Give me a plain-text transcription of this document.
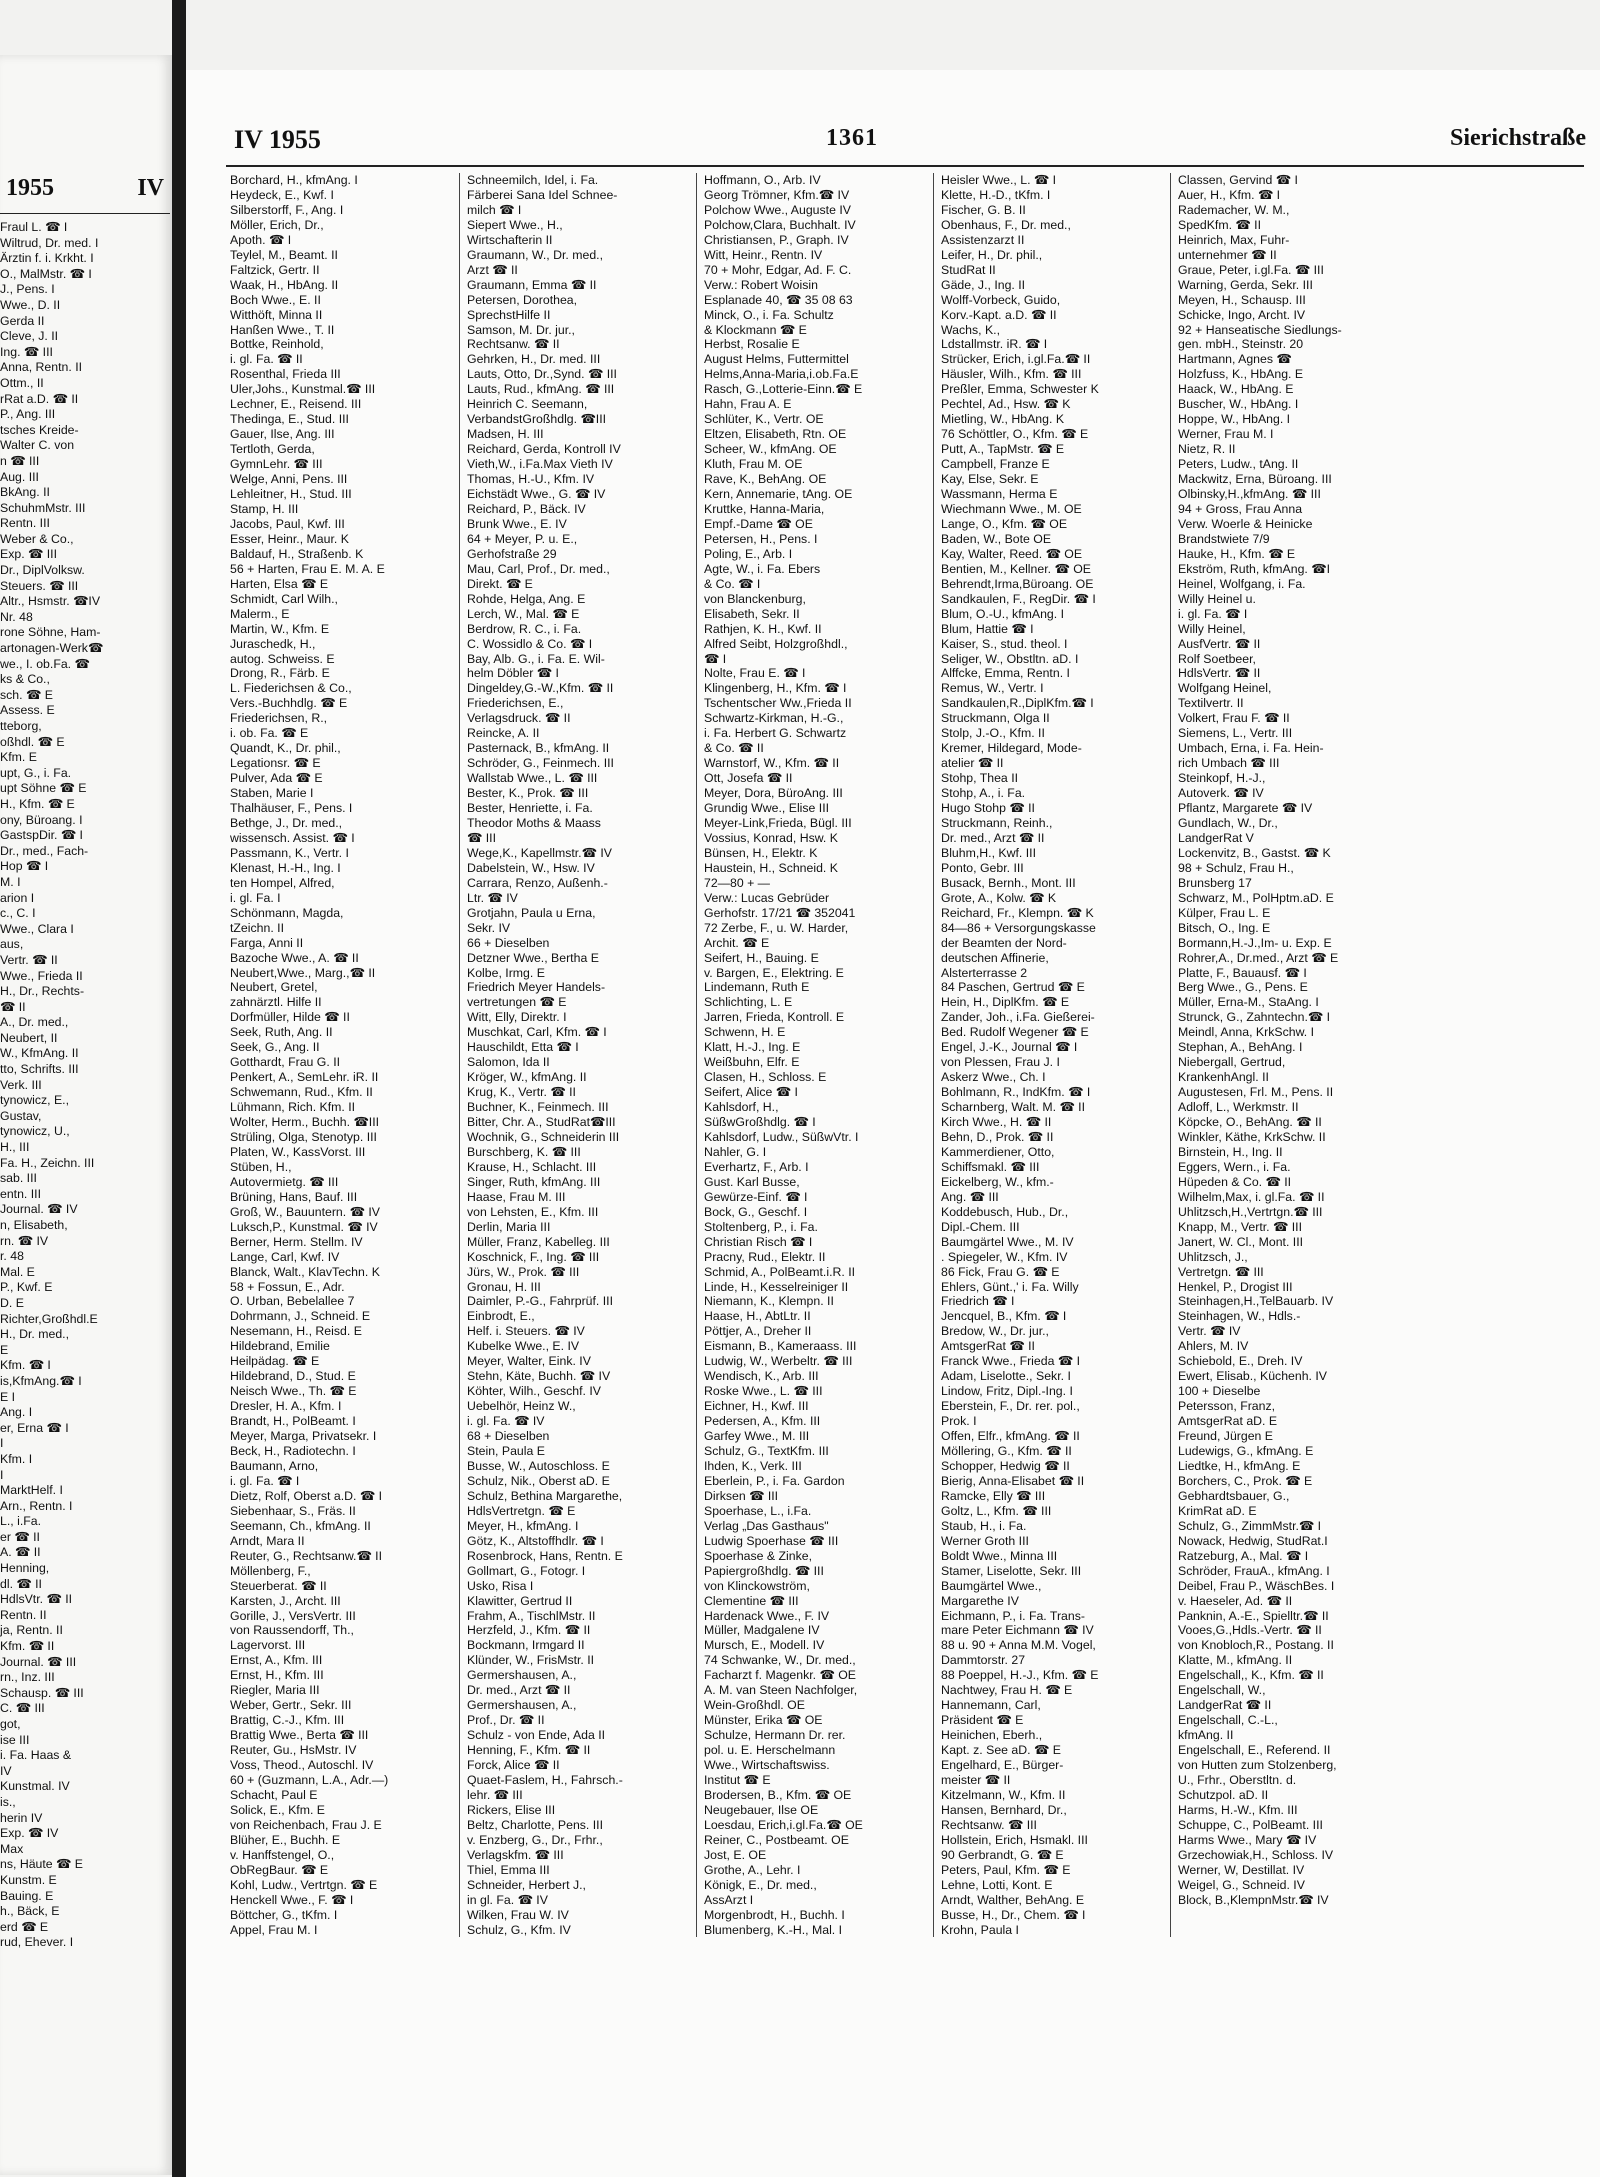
1955	IV
Fraul L. ☎ I
Wiltrud, Dr. med. I
Ärztin f. i. Krkht. I
O., MalMstr. ☎ I
J., Pens. I
Wwe., D. II
Gerda II
Cleve, J. II
Ing. ☎ III
Anna, Rentn. II
Ottm., II
rRat a.D. ☎ II
P., Ang. III
tsches Kreide-
Walter C. von
n ☎ III
Aug. III
BkAng. II
SchuhmMstr. III
Rentn. III
Weber & Co.,
Exp. ☎ III
Dr., DiplVolksw.
Steuers. ☎ III
Altr., Hsmstr. ☎IV
Nr. 48
rone Söhne, Ham-
artonagen-Werk☎
we., I. ob.Fa. ☎
ks & Co.,
sch. ☎ E
Assess. E
tteborg,
oßhdl. ☎ E
Kfm. E
upt, G., i. Fa.
upt Söhne ☎ E
H., Kfm. ☎ E
ony, Büroang. I
GastspDir. ☎ I
Dr., med., Fach-
Hop ☎ I
M. I
arion I
c., C. I
Wwe., Clara I
aus,
Vertr. ☎ II
Wwe., Frieda II
H., Dr., Rechts-
☎ II
A., Dr. med.,
Neubert, II
W., KfmAng. II
tto, Schrifts. III
Verk. III
tynowicz, E.,
Gustav,
tynowicz, U.,
H., III
Fa. H., Zeichn. III
sab. III
entn. III
Journal. ☎ IV
n, Elisabeth,
rn. ☎ IV
r. 48
Mal. E
P., Kwf. E
D. E
Richter,Großhdl.E
H., Dr. med.,
E
Kfm. ☎ I
is,KfmAng.☎ I
E I
Ang. I
er, Erna ☎ I
I
Kfm. I
I
MarktHelf. I
Arn., Rentn. I
L., i.Fa.
er ☎ II
A. ☎ II
Henning,
dl. ☎ II
HdlsVtr. ☎ II
Rentn. II
ja, Rentn. II
Kfm. ☎ II
Journal. ☎ III
rn., Inz. III
Schausp. ☎ III
C. ☎ III
got,
ise III
i. Fa. Haas &
IV
Kunstmal. IV
is.,
herin IV
Exp. ☎ IV
Max
ns, Häute ☎ E
Kunstm. E
Bauing. E
h., Bäck, E
erd ☎ E
rud, Ehever. I
IV 1955	1361	Sierichstraße
Borchard, H., kfmAng. I
Heydeck, E., Kwf. I
Silberstorff, F., Ang. I
Möller, Erich, Dr.,
Apoth. ☎ I
Teylel, M., Beamt. II
Faltzick, Gertr. II
Waak, H., HbAng. II
Boch Wwe., E. II
Witthöft, Minna II
Hanßen Wwe., T. II
Bottke, Reinhold,
i. gl. Fa. ☎ II
Rosenthal, Frieda III
Uler,Johs., Kunstmal.☎ III
Lechner, E., Reisend. III
Thedinga, E., Stud. III
Gauer, Ilse, Ang. III
Tertloth, Gerda,
GymnLehr. ☎ III
Welge, Anni, Pens. III
Lehleitner, H., Stud. III
Stamp, H. III
Jacobs, Paul, Kwf. III
Esser, Heinr., Maur. K
Baldauf, H., Straßenb. K
56 + Harten, Frau E. M. A. E
Harten, Elsa ☎ E
Schmidt, Carl Wilh.,
Malerm., E
Martin, W., Kfm. E
Juraschedk, H.,
autog. Schweiss. E
Drong, R., Färb. E
L. Fiederichsen & Co.,
Vers.-Buchhdlg. ☎ E
Friederichsen, R.,
i. ob. Fa. ☎ E
Quandt, K., Dr. phil.,
Legationsr. ☎ E
Pulver, Ada ☎ E
Staben, Marie I
Thalhäuser, F., Pens. I
Bethge, J., Dr. med.,
wissensch. Assist. ☎ I
Passmann, K., Vertr. I
Klenast, H.-H., Ing. I
ten Hompel, Alfred,
i. gl. Fa. I
Schönmann, Magda,
tZeichn. II
Farga, Anni II
Bazoche Wwe., A. ☎ II
Neubert,Wwe., Marg.,☎ II
Neubert, Gretel,
zahnärztl. Hilfe II
Dorfmüller, Hilde ☎ II
Seek, Ruth, Ang. II
Seek, G., Ang. II
Gotthardt, Frau G. II
Penkert, A., SemLehr. iR. II
Schwemann, Rud., Kfm. II
Lühmann, Rich. Kfm. II
Wolter, Herm., Buchh. ☎III
Strüling, Olga, Stenotyp. III
Platen, W., KassVorst. III
Stüben, H.,
Autovermietg. ☎ III
Brüning, Hans, Bauf. III
Groß, W., Bauuntern. ☎ IV
Luksch,P., Kunstmal. ☎ IV
Berner, Herm. Stellm. IV
Lange, Carl, Kwf. IV
Blanck, Walt., KlavTechn. K
58 + Fossun, E., Adr.
O. Urban, Bebelallee 7
Dohrmann, J., Schneid. E
Nesemann, H., Reisd. E
Hildebrand, Emilie
Heilpädag. ☎ E
Hildebrand, D., Stud. E
Neisch Wwe., Th. ☎ E
Dresler, H. A., Kfm. I
Brandt, H., PolBeamt. I
Meyer, Marga, Privatsekr. I
Beck, H., Radiotechn. I
Baumann, Arno,
i. gl. Fa. ☎ I
Dietz, Rolf, Oberst a.D. ☎ I
Siebenhaar, S., Fräs. II
Seemann, Ch., kfmAng. II
Arndt, Mara II
Reuter, G., Rechtsanw.☎ II
Möllenberg, F.,
Steuerberat. ☎ II
Karsten, J., Archt. III
Gorille, J., VersVertr. III
von Raussendorff, Th.,
Lagervorst. III
Ernst, A., Kfm. III
Ernst, H., Kfm. III
Riegler, Maria III
Weber, Gertr., Sekr. III
Brattig, C.-J., Kfm. III
Brattig Wwe., Berta ☎ III
Reuter, Gu., HsMstr. IV
Voss, Theod., Autoschl. IV
60 + (Guzmann, L.A., Adr.—)
Schacht, Paul E
Solick, E., Kfm. E
von Reichenbach, Frau J. E
Blüher, E., Buchh. E
v. Hanffstengel, O.,
ObRegBaur. ☎ E
Kohl, Ludw., Vertrtgn. ☎ E
Henckell Wwe., F. ☎ I
Böttcher, G., tKfm. I
Appel, Frau M. I
Schneemilch, Idel, i. Fa.
Färberei Sana Idel Schnee-
milch ☎ I
Siepert Wwe., H.,
Wirtschafterin II
Graumann, W., Dr. med.,
Arzt ☎ II
Graumann, Emma ☎ II
Petersen, Dorothea,
SprechstHilfe II
Samson, M. Dr. jur.,
Rechtsanw. ☎ II
Gehrken, H., Dr. med. III
Lauts, Otto, Dr.,Synd. ☎ III
Lauts, Rud., kfmAng. ☎ III
Heinrich C. Seemann,
VerbandstGroßhdlg. ☎III
Madsen, H. III
Reichard, Gerda, Kontroll IV
Vieth,W., i.Fa.Max Vieth IV
Thomas, H.-U., Kfm. IV
Eichstädt Wwe., G. ☎ IV
Reichard, P., Bäck. IV
Brunk Wwe., E. IV
64 + Meyer, P. u. E.,
Gerhofstraße 29
Mau, Carl, Prof., Dr. med.,
Direkt. ☎ E
Rohde, Helga, Ang. E
Lerch, W., Mal. ☎ E
Berdrow, R. C., i. Fa.
C. Wossidlo & Co. ☎ I
Bay, Alb. G., i. Fa. E. Wil-
helm Döbler ☎ I
Dingeldey,G.-W.,Kfm. ☎ II
Friederichsen, E.,
Verlagsdruck. ☎ II
Reincke, A. II
Pasternack, B., kfmAng. II
Schröder, G., Feinmech. III
Wallstab Wwe., L. ☎ III
Bester, K., Prok. ☎ III
Bester, Henriette, i. Fa.
Theodor Moths & Maass
☎ III
Wege,K., Kapellmstr.☎ IV
Dabelstein, W., Hsw. IV
Carrara, Renzo, Außenh.-
Ltr. ☎ IV
Grotjahn, Paula u Erna,
Sekr. IV
66 + Dieselben
Detzner Wwe., Bertha E
Kolbe, Irmg. E
Friedrich Meyer Handels-
vertretungen ☎ E
Witt, Elly, Direktr. I
Muschkat, Carl, Kfm. ☎ I
Hauschildt, Etta ☎ I
Salomon, Ida II
Kröger, W., kfmAng. II
Krug, K., Vertr. ☎ II
Buchner, K., Feinmech. III
Bitter, Chr. A., StudRat☎III
Wochnik, G., Schneiderin III
Burschberg, K. ☎ III
Krause, H., Schlacht. III
Singer, Ruth, kfmAng. III
Haase, Frau M. III
von Lehsten, E., Kfm. III
Derlin, Maria III
Müller, Franz, Kabelleg. III
Koschnick, F., Ing. ☎ III
Jürs, W., Prok. ☎ III
Gronau, H. III
Daimler, P.-G., Fahrprüf. III
Einbrodt, E.,
Helf. i. Steuers. ☎ IV
Kubelke Wwe., E. IV
Meyer, Walter, Eink. IV
Stehn, Käte, Buchh. ☎ IV
Köhter, Wilh., Geschf. IV
Uebelhör, Heinz W.,
i. gl. Fa. ☎ IV
68 + Dieselben
Stein, Paula E
Busse, W., Autoschloss. E
Schulz, Nik., Oberst aD. E
Schulz, Bethina Margarethe,
HdlsVertretgn. ☎ E
Meyer, H., kfmAng. I
Götz, K., Altstoffhdlr. ☎ I
Rosenbrock, Hans, Rentn. E
Gollmart, G., Fotogr. I
Usko, Risa I
Klawitter, Gertrud II
Frahm, A., TischlMstr. II
Herzfeld, J., Kfm. ☎ II
Bockmann, Irmgard II
Klünder, W., FrisMstr. II
Germershausen, A.,
Dr. med., Arzt ☎ II
Germershausen, A.,
Prof., Dr. ☎ II
Schulz - von Ende, Ada II
Henning, F., Kfm. ☎ II
Forck, Alice ☎ II
Quaet-Faslem, H., Fahrsch.-
lehr. ☎ III
Rickers, Elise III
Beltz, Charlotte, Pens. III
v. Enzberg, G., Dr., Frhr.,
Verlagskfm. ☎ III
Thiel, Emma III
Schneider, Herbert J.,
in gl. Fa. ☎ IV
Wilken, Frau W. IV
Schulz, G., Kfm. IV
Hoffmann, O., Arb. IV
Georg Trömner, Kfm.☎ IV
Polchow Wwe., Auguste IV
Polchow,Clara, Buchhalt. IV
Christiansen, P., Graph. IV
Witt, Heinr., Rentn. IV
70 + Mohr, Edgar, Ad. F. C.
Verw.: Robert Woisin
Esplanade 40, ☎ 35 08 63
Minck, O., i. Fa. Schultz
& Klockmann ☎ E
Herbst, Rosalie E
August Helms, Futtermittel
Helms,Anna-Maria,i.ob.Fa.E
Rasch, G.,Lotterie-Einn.☎ E
Hahn, Frau A. E
Schlüter, K., Vertr. OE
Eltzen, Elisabeth, Rtn. OE
Scheer, W., kfmAng. OE
Kluth, Frau M. OE
Rave, K., BehAng. OE
Kern, Annemarie, tAng. OE
Kruttke, Hanna-Maria,
Empf.-Dame ☎ OE
Petersen, H., Pens. I
Poling, E., Arb. I
Agte, W., i. Fa. Ebers
& Co. ☎ I
von Blanckenburg,
Elisabeth, Sekr. II
Rathjen, K. H., Kwf. II
Alfred Seibt, Holzgroßhdl.,
☎ I
Nolte, Frau E. ☎ I
Klingenberg, H., Kfm. ☎ I
Tschentscher Ww.,Frieda II
Schwartz-Kirkman, H.-G.,
i. Fa. Herbert G. Schwartz
& Co. ☎ II
Warnstorf, W., Kfm. ☎ II
Ott, Josefa ☎ II
Meyer, Dora, BüroAng. III
Grundig Wwe., Elise III
Meyer-Link,Frieda, Bügl. III
Vossius, Konrad, Hsw. K
Bünsen, H., Elektr. K
Haustein, H., Schneid. K
72—80 + —
Verw.: Lucas Gebrüder
Gerhofstr. 17/21 ☎ 352041
72 Zerbe, F., u. W. Harder,
Archit. ☎ E
Seifert, H., Bauing. E
v. Bargen, E., Elektring. E
Lindemann, Ruth E
Schlichting, L. E
Jarren, Frieda, Kontroll. E
Schwenn, H. E
Klatt, H.-J., Ing. E
Weißbuhn, Elfr. E
Clasen, H., Schloss. E
Seifert, Alice ☎ I
Kahlsdorf, H.,
SüßwGroßhdlg. ☎ I
Kahlsdorf, Ludw., SüßwVtr. I
Nahler, G. I
Everhartz, F., Arb. I
Gust. Karl Busse,
Gewürze-Einf. ☎ I
Bock, G., Geschf. I
Stoltenberg, P., i. Fa.
Christian Risch ☎ I
Pracny, Rud., Elektr. II
Schmid, A., PolBeamt.i.R. II
Linde, H., Kesselreiniger II
Niemann, K., Klempn. II
Haase, H., AbtLtr. II
Pöttjer, A., Dreher II
Eismann, B., Kameraass. III
Ludwig, W., Werbeltr. ☎ III
Wendisch, K., Arb. III
Roske Wwe., L. ☎ III
Eichner, H., Kwf. III
Pedersen, A., Kfm. III
Garfey Wwe., M. III
Schulz, G., TextKfm. III
Ihden, K., Verk. III
Eberlein, P., i. Fa. Gardon
Dirksen ☎ III
Spoerhase, L., i.Fa.
Verlag „Das Gasthaus"
Ludwig Spoerhase ☎ III
Spoerhase & Zinke,
Papiergroßhdlg. ☎ III
von Klinckowström,
Clementine ☎ III
Hardenack Wwe., F. IV
Müller, Madgalene IV
Mursch, E., Modell. IV
74 Schwanke, W., Dr. med.,
Facharzt f. Magenkr. ☎ OE
A. M. van Steen Nachfolger,
Wein-Großhdl. OE
Münster, Erika ☎ OE
Schulze, Hermann Dr. rer.
pol. u. E. Herschelmann
Wwe., Wirtschaftswiss.
Institut ☎ E
Brodersen, B., Kfm. ☎ OE
Neugebauer, Ilse OE
Loesdau, Erich,i.gl.Fa.☎ OE
Reiner, C., Postbeamt. OE
Jost, E. OE
Grothe, A., Lehr. I
Königk, E., Dr. med.,
AssArzt I
Morgenbrodt, H., Buchh. I
Blumenberg, K.-H., Mal. I
Heisler Wwe., L. ☎ I
Klette, H.-D., tKfm. I
Fischer, G. B. II
Obenhaus, F., Dr. med.,
Assistenzarzt II
Leifer, H., Dr. phil.,
StudRat II
Gäde, J., Ing. II
Wolff-Vorbeck, Guido,
Korv.-Kapt. a.D. ☎ II
Wachs, K.,
Ldstallmstr. iR. ☎ I
Strücker, Erich, i.gl.Fa.☎ II
Häusler, Wilh., Kfm. ☎ III
Preßler, Emma, Schwester K
Pechtel, Ad., Hsw. ☎ K
Mietling, W., HbAng. K
76 Schöttler, O., Kfm. ☎ E
Putt, A., TapMstr. ☎ E
Campbell, Franze E
Kay, Else, Sekr. E
Wassmann, Herma E
Wiechmann Wwe., M. OE
Lange, O., Kfm. ☎ OE
Baden, W., Bote OE
Kay, Walter, Reed. ☎ OE
Bentien, M., Kellner. ☎ OE
Behrendt,Irma,Büroang. OE
Sandkaulen, F., RegDir. ☎ I
Blum, O.-U., kfmAng. I
Blum, Hattie ☎ I
Kaiser, S., stud. theol. I
Seliger, W., Obstltn. aD. I
Alffcke, Emma, Rentn. I
Remus, W., Vertr. I
Sandkaulen,R.,DiplKfm.☎ I
Struckmann, Olga II
Stolp, J.-O., Kfm. II
Kremer, Hildegard, Mode-
atelier ☎ II
Stohp, Thea II
Stohp, A., i. Fa.
Hugo Stohp ☎ II
Struckmann, Reinh.,
Dr. med., Arzt ☎ II
Bluhm,H., Kwf. III
Ponto, Gebr. III
Busack, Bernh., Mont. III
Grote, A., Kolw. ☎ K
Reichard, Fr., Klempn. ☎ K
84—86 + Versorgungskasse
der Beamten der Nord-
deutschen Affinerie,
Alsterterrasse 2
84 Paschen, Gertrud ☎ E
Hein, H., DiplKfm. ☎ E
Zander, Joh., i.Fa. Gießerei-
Bed. Rudolf Wegener ☎ E
Engel, J.-K., Journal ☎ I
von Plessen, Frau J. I
Askerz Wwe., Ch. I
Bohlmann, R., IndKfm. ☎ I
Scharnberg, Walt. M. ☎ II
Kirch Wwe., H. ☎ II
Behn, D., Prok. ☎ II
Kammerdiener, Otto,
Schiffsmakl. ☎ III
Eickelberg, W., kfm.-
Ang. ☎ III
Koddebusch, Hub., Dr.,
Dipl.-Chem. III
Baumgärtel Wwe., M. IV
. Spiegeler, W., Kfm. IV
86 Fick, Frau G. ☎ E
Ehlers, Günt.,' i. Fa. Willy
Friedrich ☎ I
Jencquel, B., Kfm. ☎ I
Bredow, W., Dr. jur.,
AmtsgerRat ☎ II
Franck Wwe., Frieda ☎ I
Adam, Liselotte., Sekr. I
Lindow, Fritz, Dipl.-Ing. I
Eberstein, F., Dr. rer. pol.,
Prok. I
Offen, Elfr., kfmAng. ☎ II
Möllering, G., Kfm. ☎ II
Schopper, Hedwig ☎ II
Bierig, Anna-Elisabet ☎ II
Ramcke, Elly ☎ III
Goltz, L., Kfm. ☎ III
Staub, H., i. Fa.
Werner Groth III
Boldt Wwe., Minna III
Stamer, Liselotte, Sekr. III
Baumgärtel Wwe.,
Margarethe IV
Eichmann, P., i. Fa. Trans-
mare Peter Eichmann ☎ IV
88 u. 90 + Anna M.M. Vogel,
Dammtorstr. 27
88 Poeppel, H.-J., Kfm. ☎ E
Nachtwey, Frau H. ☎ E
Hannemann, Carl,
Präsident ☎ E
Heinichen, Eberh.,
Kapt. z. See aD. ☎ E
Engelhard, E., Bürger-
meister ☎ II
Kitzelmann, W., Kfm. II
Hansen, Bernhard, Dr.,
Rechtsanw. ☎ III
Hollstein, Erich, Hsmakl. III
90 Gerbrandt, G. ☎ E
Peters, Paul, Kfm. ☎ E
Lehne, Lotti, Kont. E
Arndt, Walther, BehAng. E
Busse, H., Dr., Chem. ☎ I
Krohn, Paula I
Classen, Gervind ☎ I
Auer, H., Kfm. ☎ I
Rademacher, W. M.,
SpedKfm. ☎ II
Heinrich, Max, Fuhr-
unternehmer ☎ II
Graue, Peter, i.gl.Fa. ☎ III
Warning, Gerda, Sekr. III
Meyen, H., Schausp. III
Schicke, Ingo, Archt. IV
92 + Hanseatische Siedlungs-
gen. mbH., Steinstr. 20
Hartmann, Agnes ☎
Holzfuss, K., HbAng. E
Haack, W., HbAng. E
Buscher, W., HbAng. I
Hoppe, W., HbAng. I
Werner, Frau M. I
Nietz, R. II
Peters, Ludw., tAng. II
Mackwitz, Erna, Büroang. III
Olbinsky,H.,kfmAng. ☎ III
94 + Gross, Frau Anna
Verw. Woerle & Heinicke
Brandstwiete 7/9
Hauke, H., Kfm. ☎ E
Ekström, Ruth, kfmAng. ☎I
Heinel, Wolfgang, i. Fa.
Willy Heinel u.
i. gl. Fa. ☎ I
Willy Heinel,
AusfVertr. ☎ II
Rolf Soetbeer,
HdlsVertr. ☎ II
Wolfgang Heinel,
Textilvertr. II
Volkert, Frau F. ☎ II
Siemens, L., Vertr. III
Umbach, Erna, i. Fa. Hein-
rich Umbach ☎ III
Steinkopf, H.-J.,
Autoverk. ☎ IV
Pflantz, Margarete ☎ IV
Gundlach, W., Dr.,
LandgerRat V
Lockenvitz, B., Gastst. ☎ K
98 + Schulz, Frau H.,
Brunsberg 17
Schwarz, M., PolHptm.aD. E
Külper, Frau L. E
Bitsch, O., Ing. E
Bormann,H.-J.,Im- u. Exp. E
Rohrer,A., Dr.med., Arzt ☎ E
Platte, F., Bauausf. ☎ I
Berg Wwe., G., Pens. E
Müller, Erna-M., StaAng. I
Strunck, G., Zahntechn.☎ I
Meindl, Anna, KrkSchw. I
Stephan, A., BehAng. I
Niebergall, Gertrud,
KrankenhAngl. II
Augustesen, Frl. M., Pens. II
Adloff, L., Werkmstr. II
Köpcke, O., BehAng. ☎ II
Winkler, Käthe, KrkSchw. II
Birnstein, H., Ing. II
Eggers, Wern., i. Fa.
Hüpeden & Co. ☎ II
Wilhelm,Max, i. gl.Fa. ☎ II
Uhlitzsch,H.,Vertrtgn.☎ III
Knapp, M., Vertr. ☎ III
Janert, W. Cl., Mont. III
Uhlitzsch, J.,
Vertretgn. ☎ III
Henkel, P., Drogist III
Steinhagen,H.,TelBauarb. IV
Steinhagen, W., Hdls.-
Vertr. ☎ IV
Ahlers, M. IV
Schiebold, E., Dreh. IV
Ewert, Elisab., Küchenh. IV
100 + Dieselbe
Petersson, Franz,
AmtsgerRat aD. E
Freund, Jürgen E
Ludewigs, G., kfmAng. E
Liedtke, H., kfmAng. E
Borchers, C., Prok. ☎ E
Gebhardtsbauer, G.,
KrimRat aD. E
Schulz, G., ZimmMstr.☎ I
Nowack, Hedwig, StudRat.I
Ratzeburg, A., Mal. ☎ I
Schröder, FrauA., kfmAng. I
Deibel, Frau P., WäschBes. I
v. Haeseler, Ad. ☎ II
Panknin, A.-E., Spielltr.☎ II
Vooes,G.,Hdls.-Vertr. ☎ II
von Knobloch,R., Postang. II
Klatte, M., kfmAng. II
Engelschall,, K., Kfm. ☎ II
Engelschall, W.,
LandgerRat ☎ II
Engelschall, C.-L.,
kfmAng. II
Engelschall, E., Referend. II
von Hutten zum Stolzenberg,
U., Frhr., Oberstltn. d.
Schutzpol. aD. II
Harms, H.-W., Kfm. III
Schuppe, C., PolBeamt. III
Harms Wwe., Mary ☎ IV
Grzechowiak,H., Schloss. IV
Werner, W, Destillat. IV
Weigel, G., Schneid. IV
Block, B.,KlempnMstr.☎ IV
